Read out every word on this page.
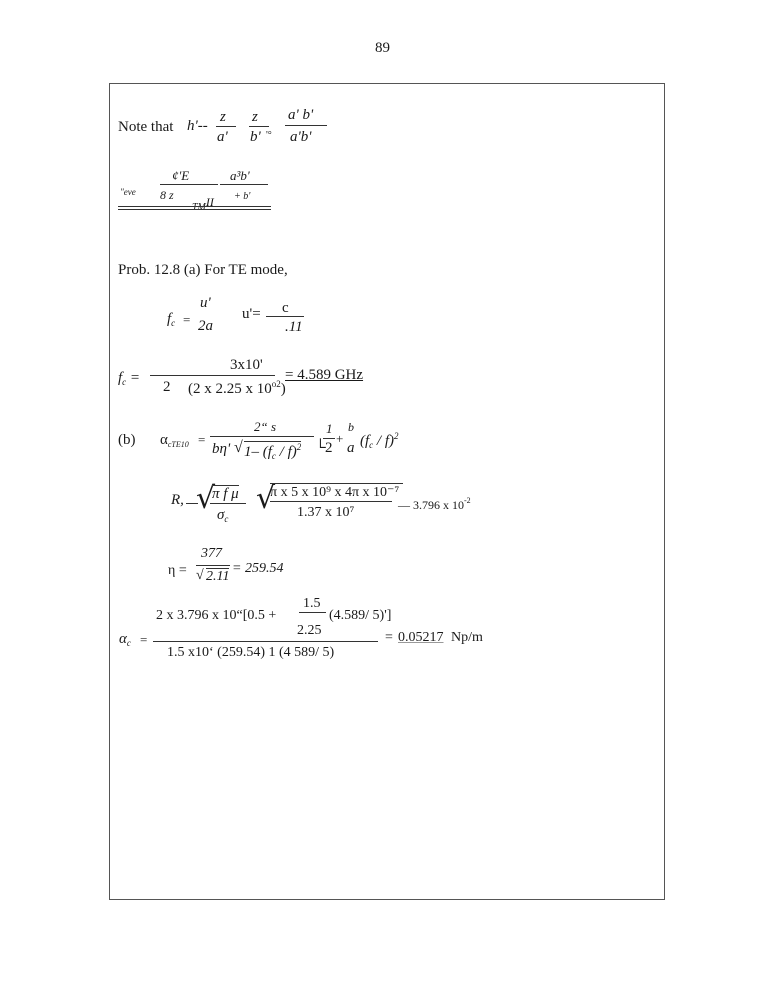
89
Note that h'--
z
a'
z
b' '°
a' b'
a'b'
"eve
¢'E
8 z
TMII
a³b'
+ b'
Prob. 12.8 (a) For TE mode,
$f_c$ =
u'
2a
u'= c
.11
$f_c$ =
3x10'
2 (2 x 2.25 x $10^{o2}$)
= 4.589 GHz
(b) $\alpha_{cTE10}$ =
2“ s
bη' √ 1– $(f_c / f)^2$ └
1
2
+
b
a $(f_c / f)^2$
R, √
π f μ
$\sigma_c$
√
π x 5 x 10⁹ x 4π x 10⁻⁷
1.37 x 10⁷	— 3.796 x $10^{-2}$
η =
377
√ 2.11
= 259.54
$\alpha_c$ =
2 x 3.796 x 10“[0.5 +
1.5
(4.589/ 5)']
2.25
1.5 x10‘ (259.54) 1 (4 589/ 5)
= 0.05217 Np/m
